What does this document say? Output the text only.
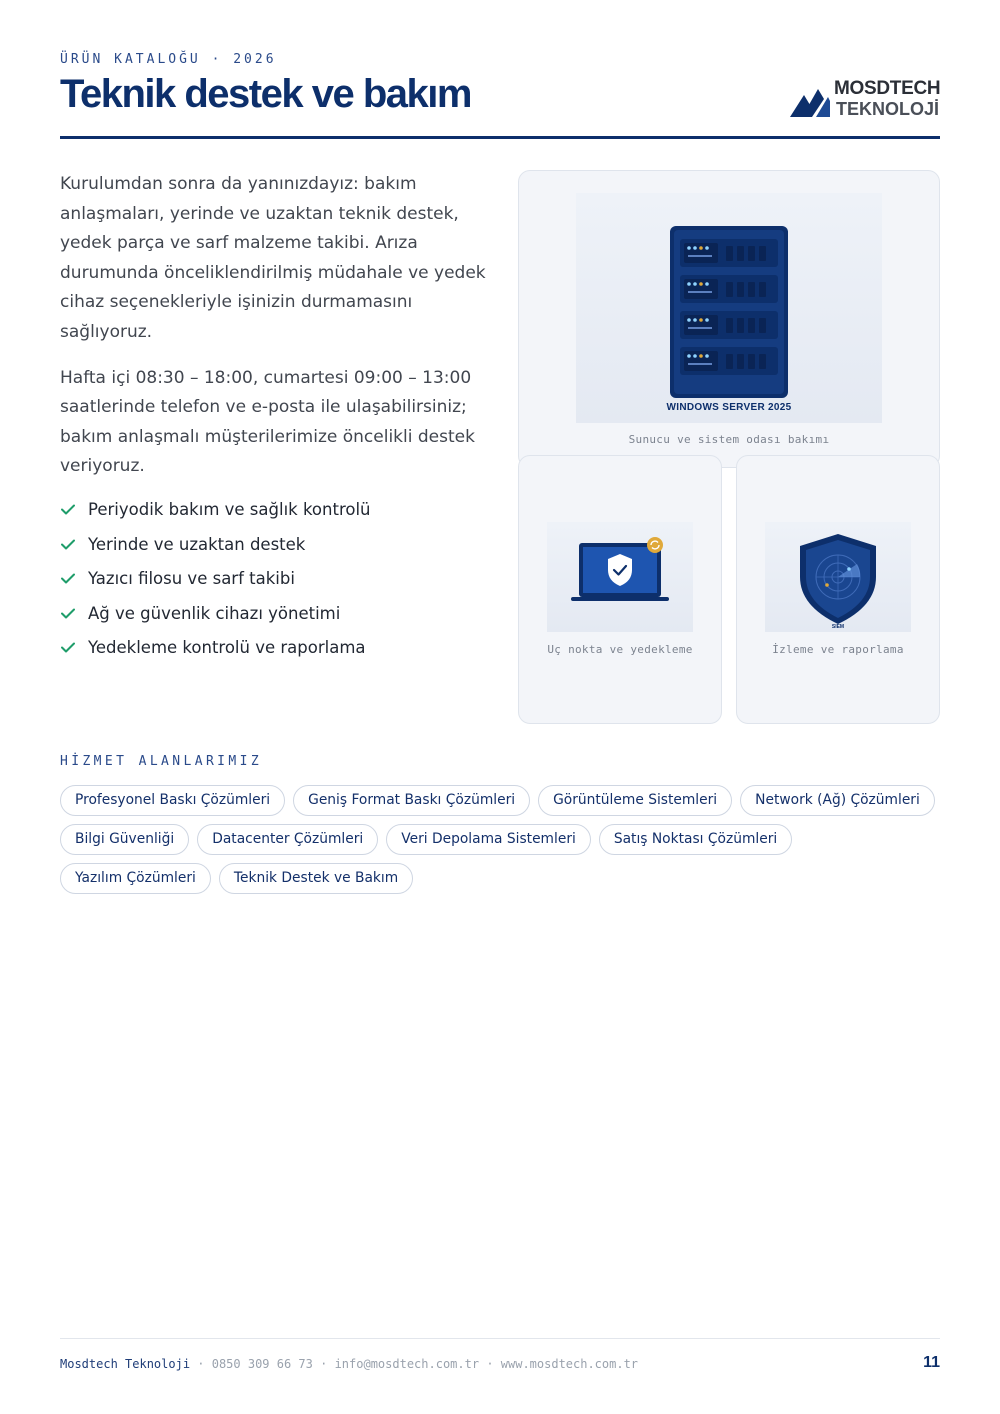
ÜRÜN KATALOĞU · 2026
Teknik destek ve bakım	MOSDTECH
TEKNOLOJİ

Kurulumdan sonra da yanınızdayız: bakım anlaşmaları, yerinde ve uzaktan teknik destek, yedek parça ve sarf malzeme takibi. Arıza durumunda önceliklendirilmiş müdahale ve yedek cihaz seçenekleriyle işinizin durmamasını sağlıyoruz.

Hafta içi 08:30 – 18:00, cumartesi 09:00 – 13:00 saatlerinde telefon ve e-posta ile ulaşabilirsiniz; bakım anlaşmalı müşterilerimize öncelikli destek veriyoruz.

Periyodik bakım ve sağlık kontrolü
Yerinde ve uzaktan destek
Yazıcı filosu ve sarf takibi
Ağ ve güvenlik cihazı yönetimi
Yedekleme kontrolü ve raporlama
WINDOWS SERVER 2025
Sunucu ve sistem odası bakımı
Uç nokta ve yedekleme
SIEM
İzleme ve raporlama
HİZMET ALANLARIMIZ
Profesyonel Baskı Çözümleri	Geniş Format Baskı Çözümleri	Görüntüleme Sistemleri	Network (Ağ) Çözümleri
Bilgi Güvenliği	Datacenter Çözümleri	Veri Depolama Sistemleri	Satış Noktası Çözümleri
Yazılım Çözümleri	Teknik Destek ve Bakım
Mosdtech Teknoloji · 0850 309 66 73 · info@mosdtech.com.tr · www.mosdtech.com.tr	11
